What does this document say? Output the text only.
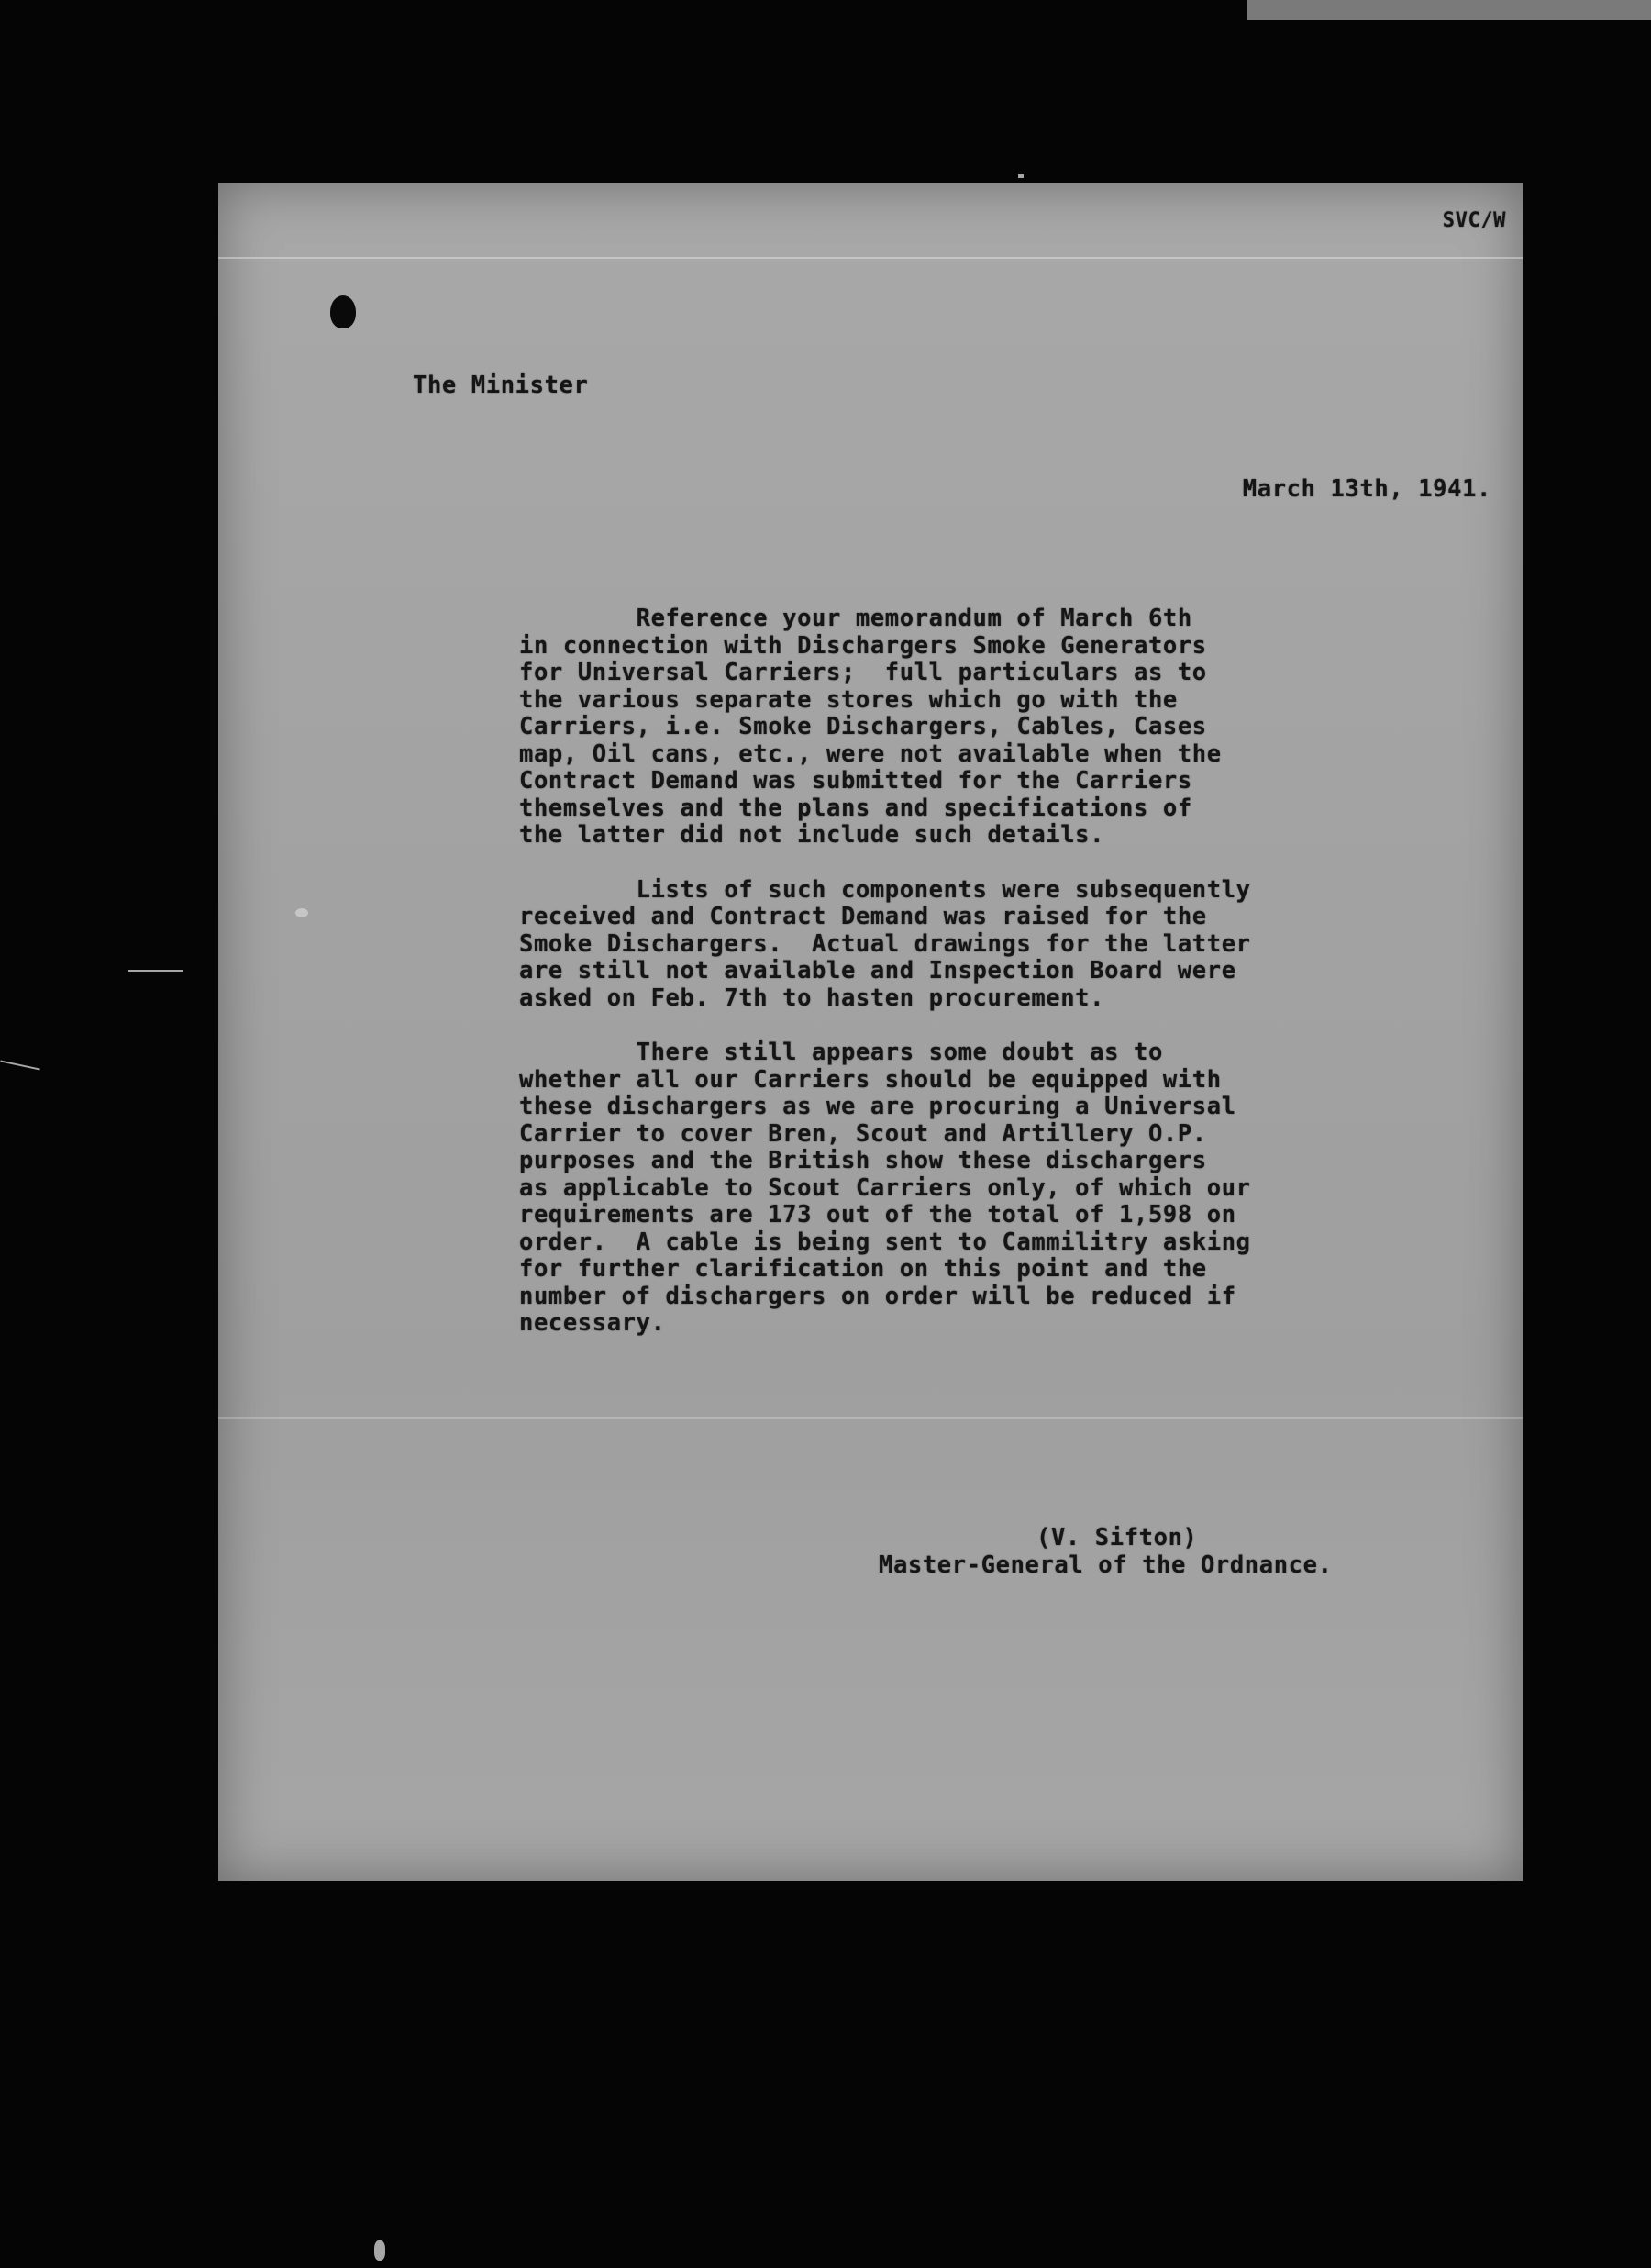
SVC/W
The Minister
March 13th, 1941.

Reference your memorandum of March 6th
in connection with Dischargers Smoke Generators
for Universal Carriers;  full particulars as to
the various separate stores which go with the
Carriers, i.e. Smoke Dischargers, Cables, Cases
map, Oil cans, etc., were not available when the
Contract Demand was submitted for the Carriers
themselves and the plans and specifications of
the latter did not include such details.

Lists of such components were subsequently
received and Contract Demand was raised for the
Smoke Dischargers.  Actual drawings for the latter
are still not available and Inspection Board were
asked on Feb. 7th to hasten procurement.

There still appears some doubt as to
whether all our Carriers should be equipped with
these dischargers as we are procuring a Universal
Carrier to cover Bren, Scout and Artillery O.P.
purposes and the British show these dischargers
as applicable to Scout Carriers only, of which our
requirements are 173 out of the total of 1,598 on
order.  A cable is being sent to Cammilitry asking
for further clarification on this point and the
number of dischargers on order will be reduced if
necessary.

(V. Sifton)
Master-General of the Ordnance.
